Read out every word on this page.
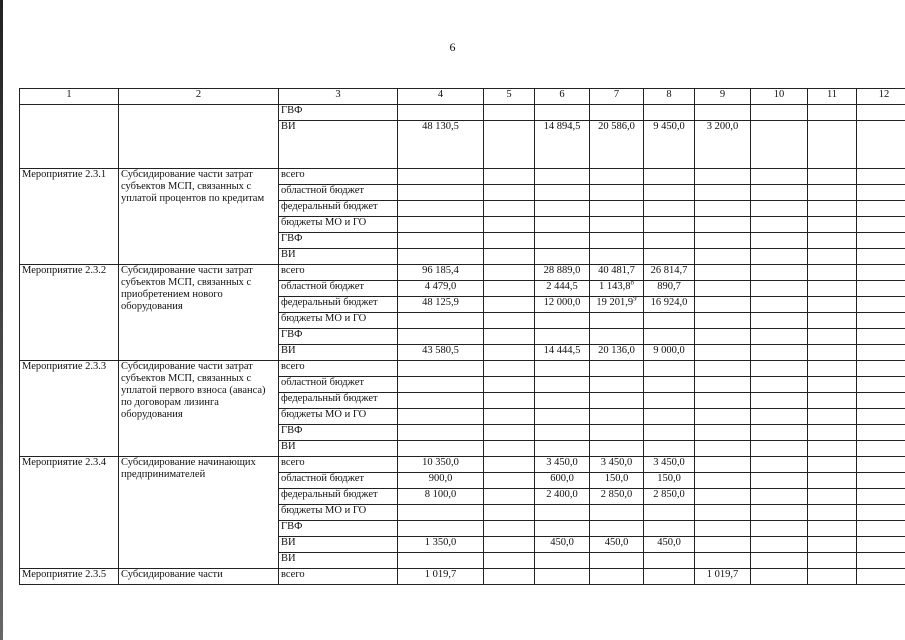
6
1	2	3	4	5	6	7	8	9	10	11	12
		ГВФ									
		ВИ	48 130,5		14 894,5	20 586,0	9 450,0	3 200,0			
Мероприятие 2.3.1	Субсидирование части затрат субъектов МСП, связанных с уплатой процентов по кредитам	всего									
		областной бюджет									
		федеральный бюджет									
		бюджеты МО и ГО									
		ГВФ									
		ВИ									
Мероприятие 2.3.2	Субсидирование части затрат субъектов МСП, связанных с приобретением нового оборудования	всего	96 185,4		28 889,0	40 481,7	26 814,7				
		областной бюджет	4 479,0		2 444,5	1 143,8$^8$	890,7				
		федеральный бюджет	48 125,9		12 000,0	19 201,9$^9$	16 924,0				
		бюджеты МО и ГО									
		ГВФ									
		ВИ	43 580,5		14 444,5	20 136,0	9 000,0				
Мероприятие 2.3.3	Субсидирование части затрат субъектов МСП, связанных с уплатой первого взноса (аванса) по договорам лизинга оборудования	всего									
		областной бюджет									
		федеральный бюджет									
		бюджеты МО и ГО									
		ГВФ									
		ВИ									
Мероприятие 2.3.4	Субсидирование начинающих предпринимателей	всего	10 350,0		3 450,0	3 450,0	3 450,0				
		областной бюджет	900,0		600,0	150,0	150,0				
		федеральный бюджет	8 100,0		2 400,0	2 850,0	2 850,0				
		бюджеты МО и ГО									
		ГВФ									
		ВИ	1 350,0		450,0	450,0	450,0				
		ВИ									
Мероприятие 2.3.5	Субсидирование части	всего	1 019,7					1 019,7			
